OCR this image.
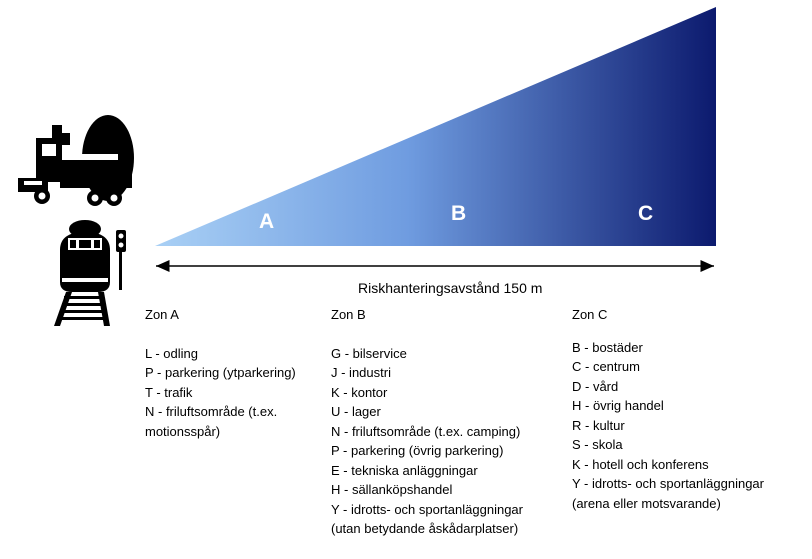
A	B	C
Riskhanteringsavstånd 150 m
Zon A
L - odling
P - parkering (ytparkering)
T - trafik
N - friluftsområde (t.ex.
motionsspår)
Zon B
G - bilservice
J - industri
K - kontor
U - lager
N - friluftsområde (t.ex. camping)
P - parkering (övrig parkering)
E - tekniska anläggningar
H - sällanköpshandel
Y - idrotts- och sportanläggningar
(utan betydande åskådarplatser)
Zon C
B - bostäder
C - centrum
D - vård
H - övrig handel
R - kultur
S - skola
K - hotell och konferens
Y - idrotts- och sportanläggningar
(arena eller motsvarande)
